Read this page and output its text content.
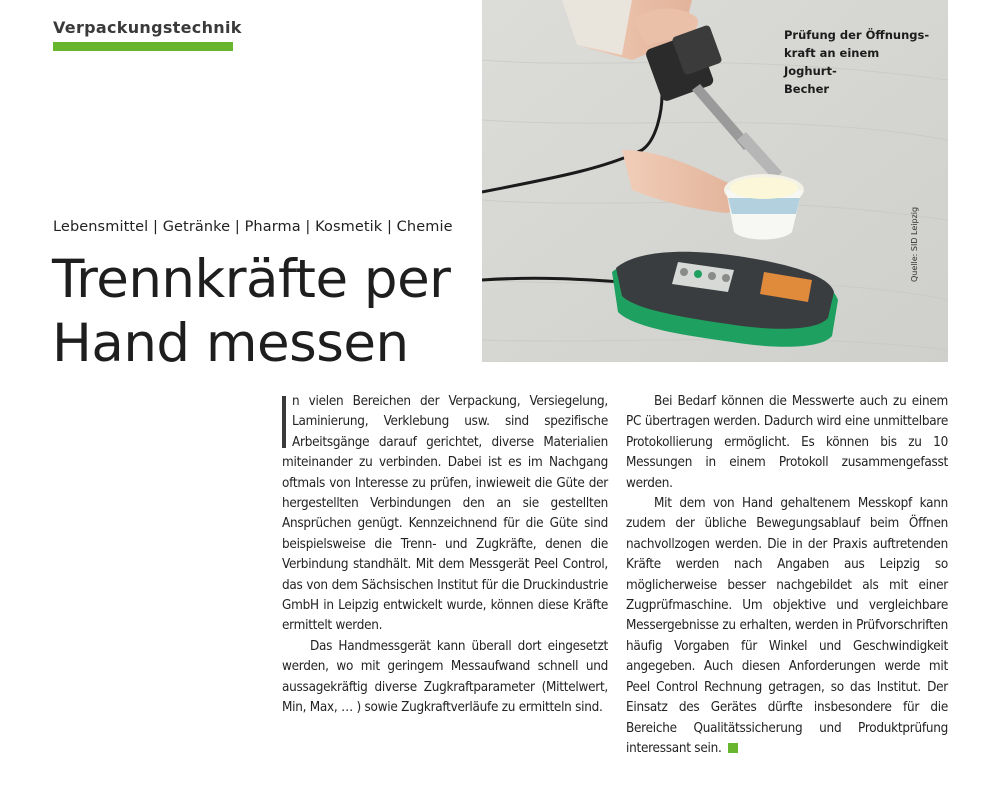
Verpackungstechnik	Prüfung der Öffnungs-
kraft an einem Joghurt-
Becher
Quelle: SID Leipzig
Lebensmittel | Getränke | Pharma | Kosmetik | Chemie
Trennkräfte per
Hand messen

n vielen Bereichen der Verpackung, Versiegelung, Laminierung, Verklebung usw. sind spezifische Arbeitsgänge darauf gerichtet, diverse Materialien miteinander zu verbinden. Dabei ist es im Nachgang oftmals von Interesse zu prüfen, inwieweit die Güte der hergestellten Verbindungen den an sie gestellten Ansprüchen genügt. Kennzeichnend für die Güte sind beispielsweise die Trenn- und Zugkräfte, denen die Verbindung standhält. Mit dem Messgerät Peel Control, das von dem Sächsischen Institut für die Druckindustrie GmbH in Leipzig entwickelt wurde, können diese Kräfte ermittelt werden.

Das Handmessgerät kann überall dort eingesetzt werden, wo mit geringem Messaufwand schnell und aussagekräftig diverse Zugkraftparameter (Mittelwert, Min, Max, … ) sowie Zugkraftverläufe zu ermitteln sind.

Bei Bedarf können die Messwerte auch zu einem PC übertragen werden. Dadurch wird eine unmittelbare Protokollierung ermöglicht. Es können bis zu 10 Messungen in einem Protokoll zusammengefasst werden.

Mit dem von Hand gehaltenem Messkopf kann zudem der übliche Bewegungsablauf beim Öffnen nachvollzogen werden. Die in der Praxis auftretenden Kräfte werden nach Angaben aus Leipzig so möglicherweise besser nachgebildet als mit einer Zugprüfmaschine. Um objektive und vergleichbare Messergebnisse zu erhalten, werden in Prüfvorschriften häufig Vorgaben für Winkel und Geschwindigkeit angegeben. Auch diesen Anforderungen werde mit Peel Control Rechnung getragen, so das Institut. Der Einsatz des Gerätes dürfte insbesondere für die Bereiche Qualitätssicherung und Produktprüfung interessant sein.
